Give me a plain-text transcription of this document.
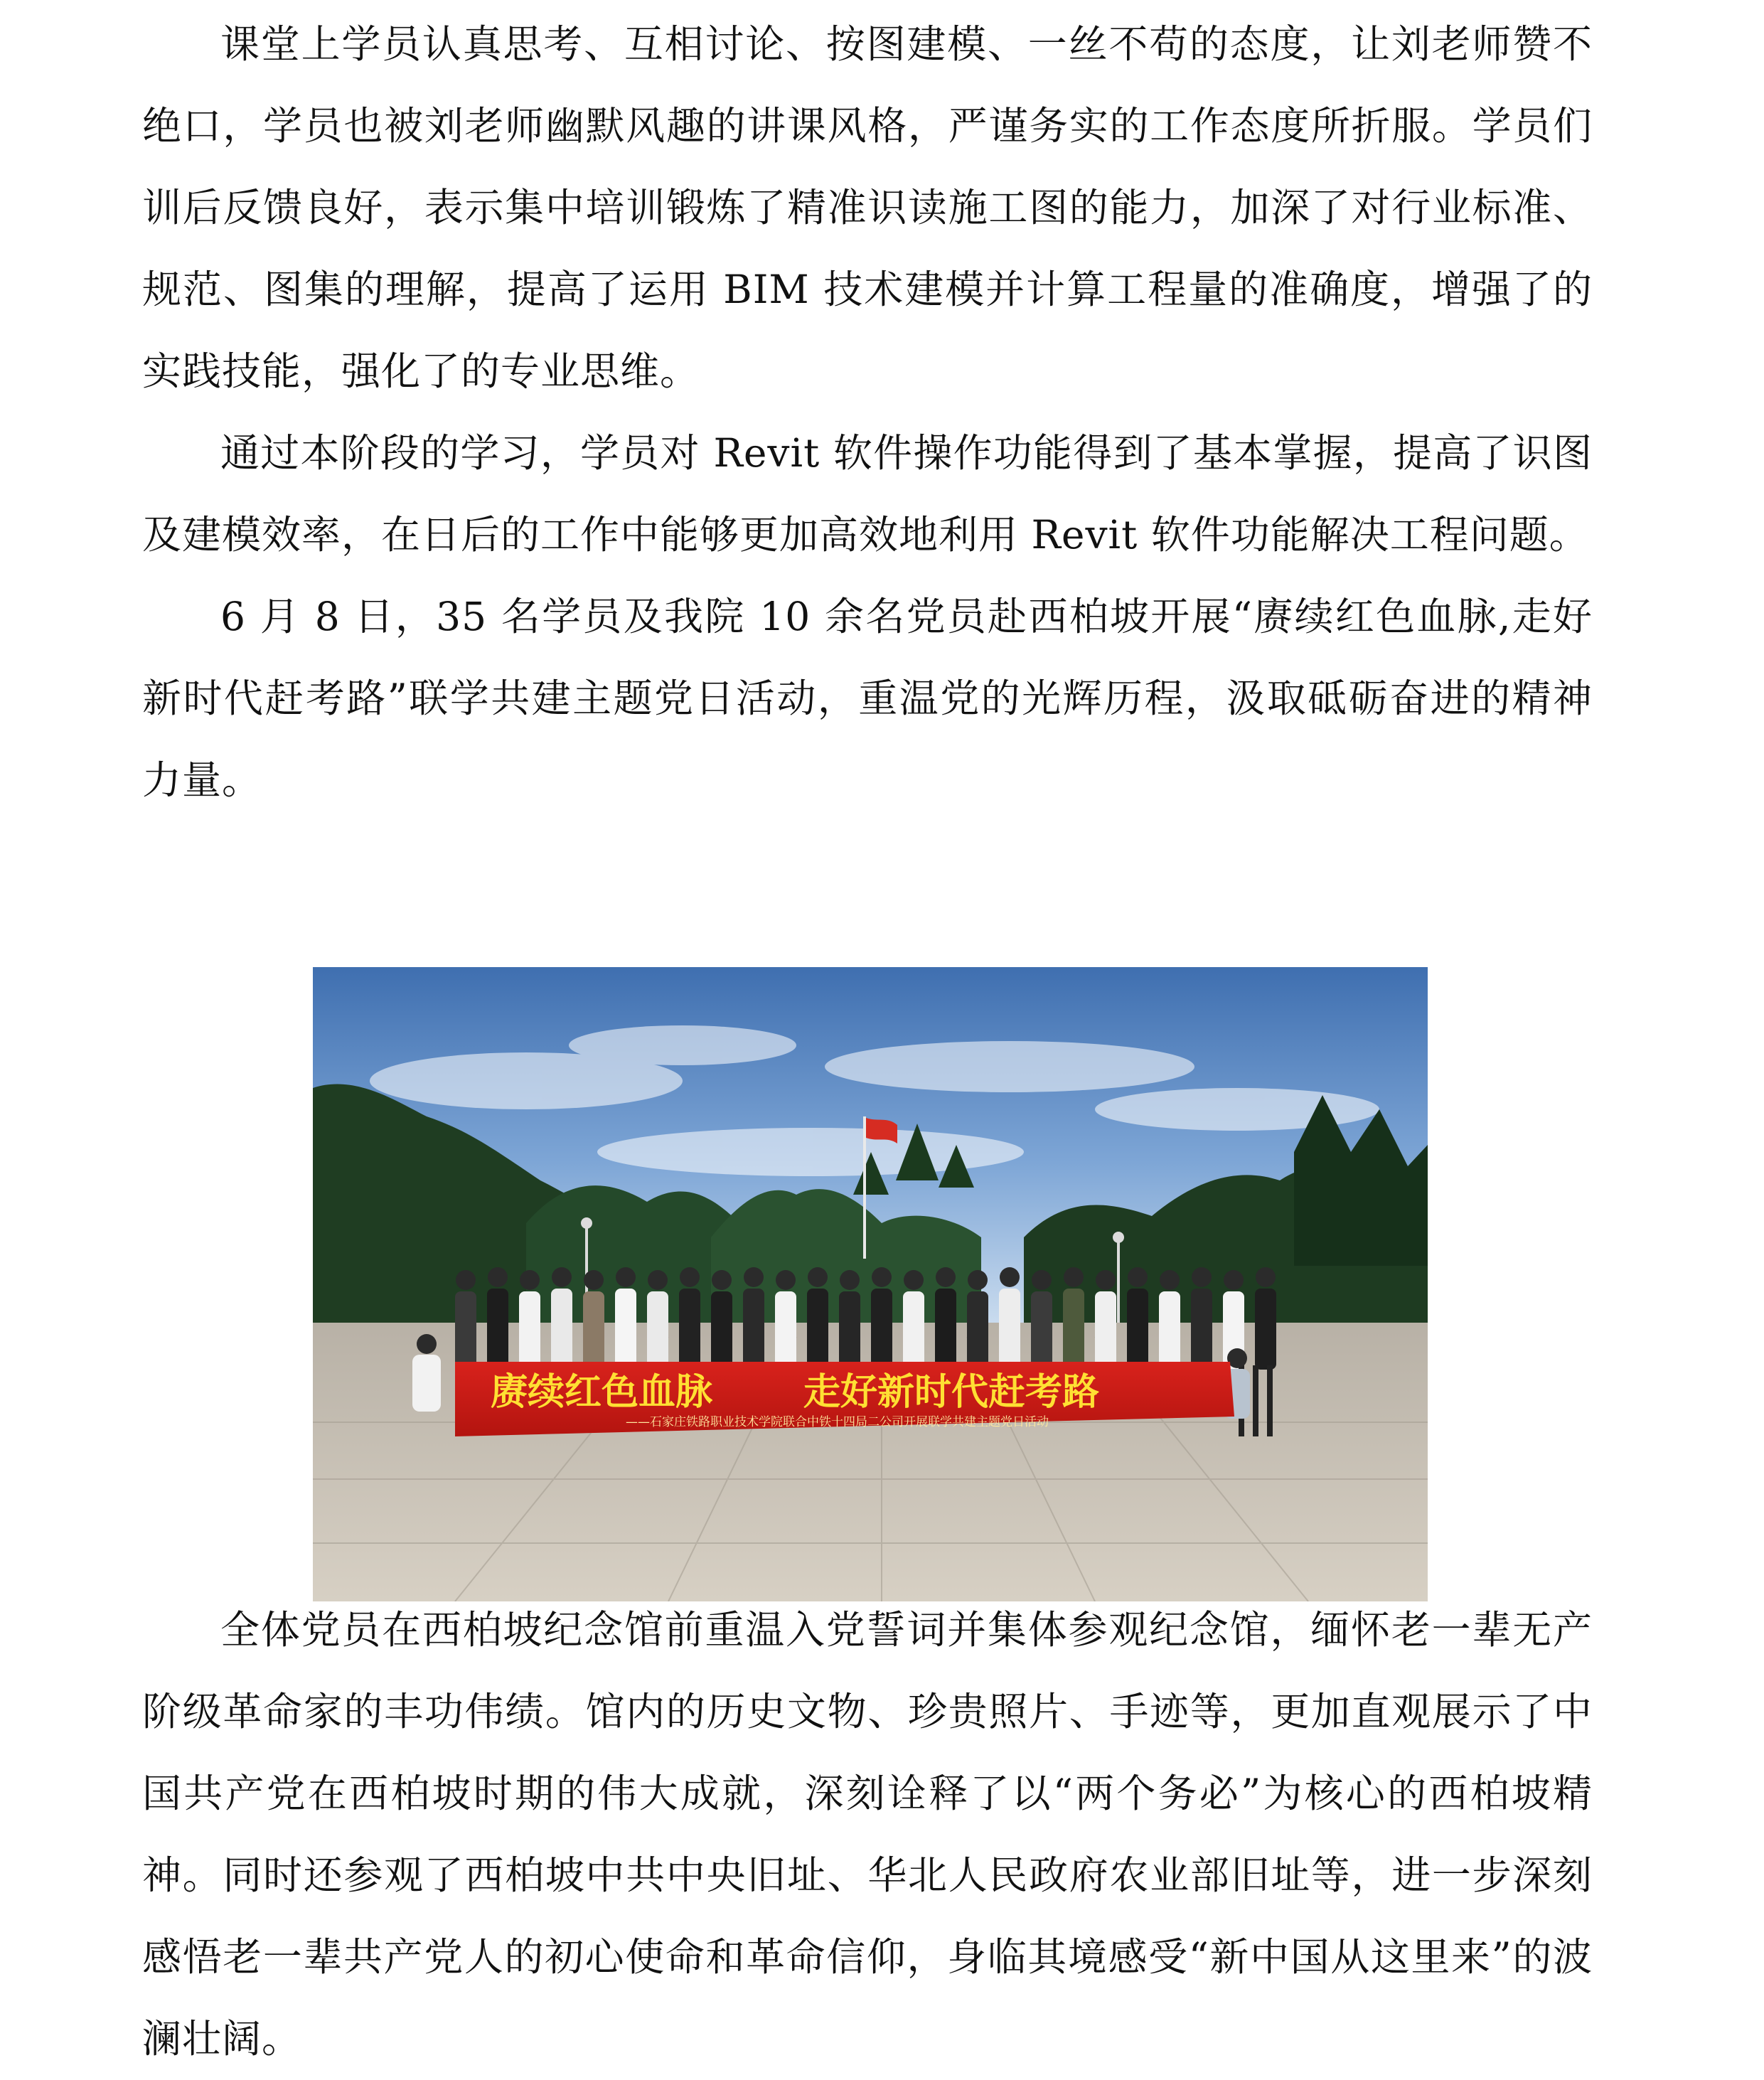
课堂上学员认真思考、互相讨论、按图建模、一丝不苟的态度，让刘老师赞不绝口，学员也被刘老师幽默风趣的讲课风格，严谨务实的工作态度所折服。学员们训后反馈良好，表示集中培训锻炼了精准识读施工图的能力，加深了对行业标准、规范、图集的理解，提高了运用 BIM 技术建模并计算工程量的准确度，增强了的实践技能，强化了的专业思维。

通过本阶段的学习，学员对 Revit 软件操作功能得到了基本掌握，提高了识图及建模效率，在日后的工作中能够更加高效地利用 Revit 软件功能解决工程问题。

6 月 8 日，35 名学员及我院 10 余名党员赴西柏坡开展“赓续红色血脉,走好新时代赶考路”联学共建主题党日活动，重温党的光辉历程，汲取砥砺奋进的精神力量。

赓续红色血脉 走好新时代赶考路
——石家庄铁路职业技术学院联合中铁十四局二公司开展联学共建主题党日活动

全体党员在西柏坡纪念馆前重温入党誓词并集体参观纪念馆，缅怀老一辈无产阶级革命家的丰功伟绩。馆内的历史文物、珍贵照片、手迹等，更加直观展示了中国共产党在西柏坡时期的伟大成就，深刻诠释了以“两个务必”为核心的西柏坡精神。同时还参观了西柏坡中共中央旧址、华北人民政府农业部旧址等，进一步深刻感悟老一辈共产党人的初心使命和革命信仰，身临其境感受“新中国从这里来”的波澜壮阔。
